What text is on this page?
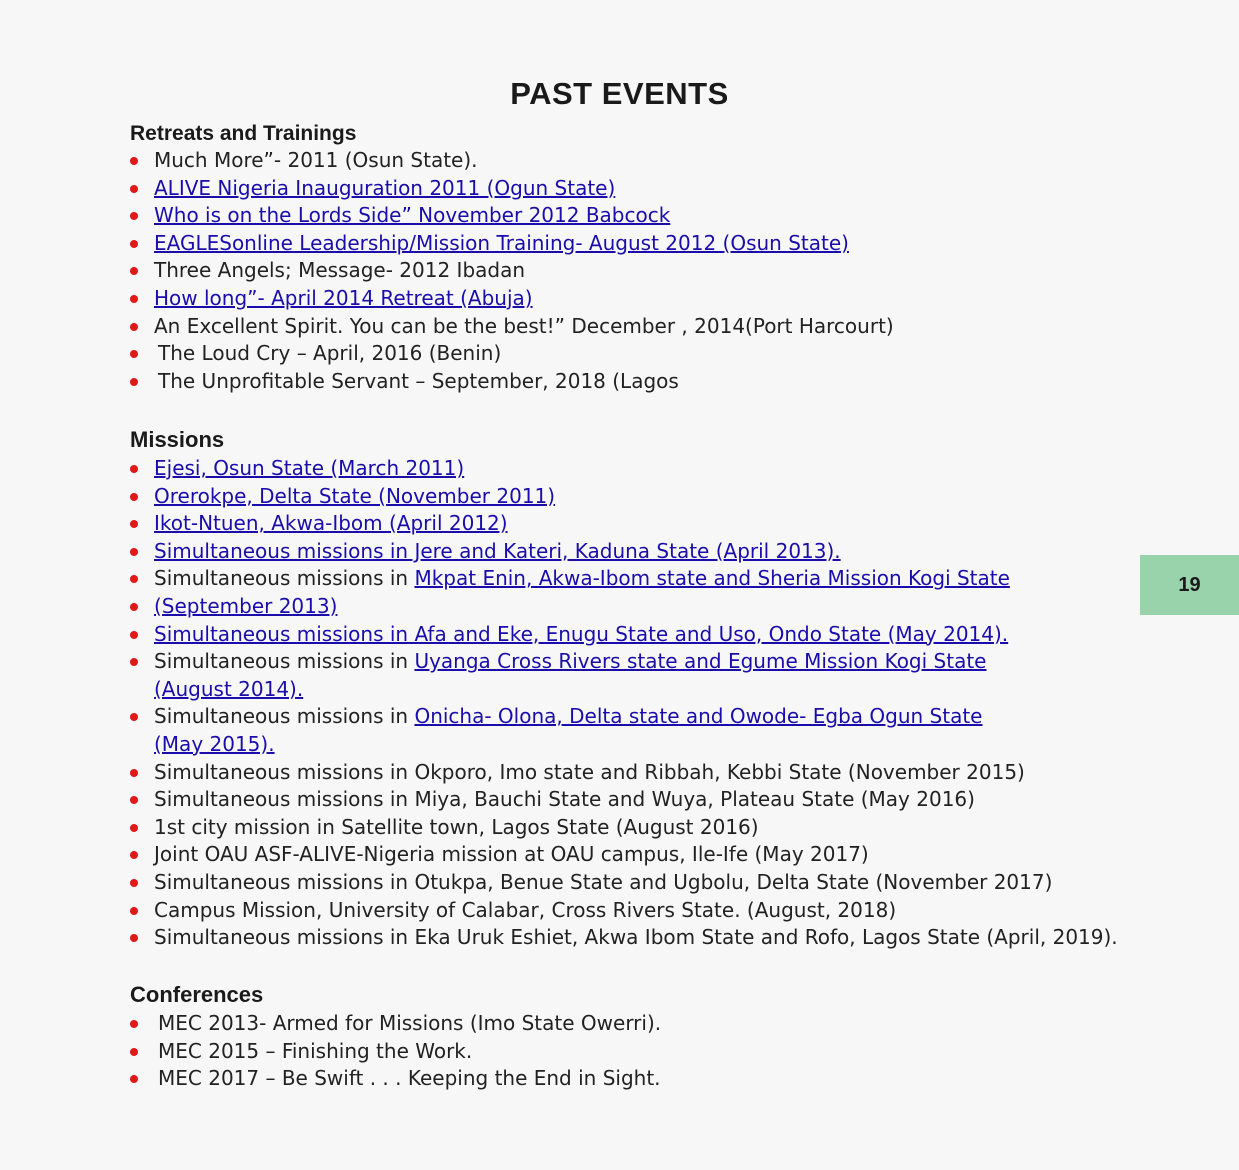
PAST EVENTS
Retreats and Trainings
Much More”- 2011 (Osun State).
ALIVE Nigeria Inauguration 2011 (Ogun State)
Who is on the Lords Side” November 2012 Babcock
EAGLESonline Leadership/Mission Training- August 2012 (Osun State)
Three Angels; Message- 2012 Ibadan
How long”- April 2014 Retreat (Abuja)
An Excellent Spirit. You can be the best!” December , 2014(Port Harcourt)
The Loud Cry – April, 2016 (Benin)
The Unprofitable Servant – September, 2018 (Lagos
Missions
Ejesi, Osun State (March 2011)
Orerokpe, Delta State (November 2011)
Ikot-Ntuen, Akwa-Ibom (April 2012)
Simultaneous missions in Jere and Kateri, Kaduna State (April 2013).
Simultaneous missions in Mkpat Enin, Akwa-Ibom state and Sheria Mission Kogi State
(September 2013)
Simultaneous missions in Afa and Eke, Enugu State and Uso, Ondo State (May 2014).
Simultaneous missions in Uyanga Cross Rivers state and Egume Mission Kogi State (August 2014).
Simultaneous missions in Onicha- Olona, Delta state and Owode- Egba Ogun State (May 2015).
Simultaneous missions in Okporo, Imo state and Ribbah, Kebbi State (November 2015)
Simultaneous missions in Miya, Bauchi State and Wuya, Plateau State (May 2016)
1st city mission in Satellite town, Lagos State (August 2016)
Joint OAU ASF-ALIVE-Nigeria mission at OAU campus, Ile-Ife (May 2017)
Simultaneous missions in Otukpa, Benue State and Ugbolu, Delta State (November 2017)
Campus Mission, University of Calabar, Cross Rivers State. (August, 2018)
Simultaneous missions in Eka Uruk Eshiet, Akwa Ibom State and Rofo, Lagos State (April, 2019).
Conferences
MEC 2013- Armed for Missions (Imo State Owerri).
MEC 2015 – Finishing the Work.
MEC 2017 – Be Swift . . . Keeping the End in Sight.
19
